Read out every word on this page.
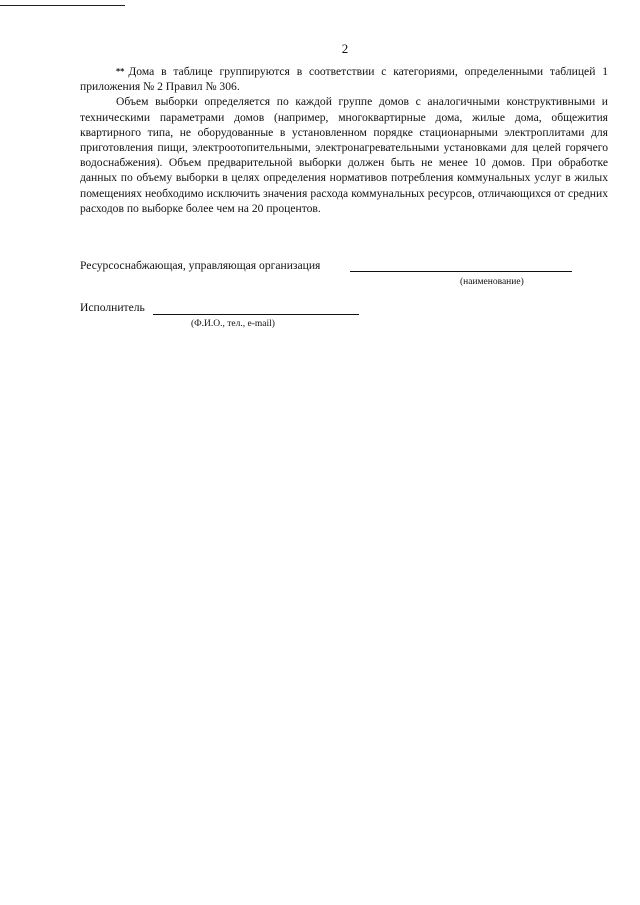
2

** Дома в таблице группируются в соответствии с категориями, определенными таблицей 1 приложения № 2 Правил № 306.

Объем выборки определяется по каждой группе домов с аналогичными конструктивными и техническими параметрами домов (например, многоквартирные дома, жилые дома, общежития квартирного типа, не оборудованные в установленном порядке стационарными электроплитами для приготовления пищи, электроотопительными, электронагревательными установками для целей горячего водоснабжения). Объем предварительной выборки должен быть не менее 10 домов. При обработке данных по объему выборки в целях определения нормативов потребления коммунальных услуг в жилых помещениях необходимо исключить значения расхода коммунальных ресурсов, отличающихся от средних расходов по выборке более чем на 20 процентов.

Ресурсоснабжающая, управляющая организация
(наименование)
Исполнитель
(Ф.И.О., тел., e-mail)
